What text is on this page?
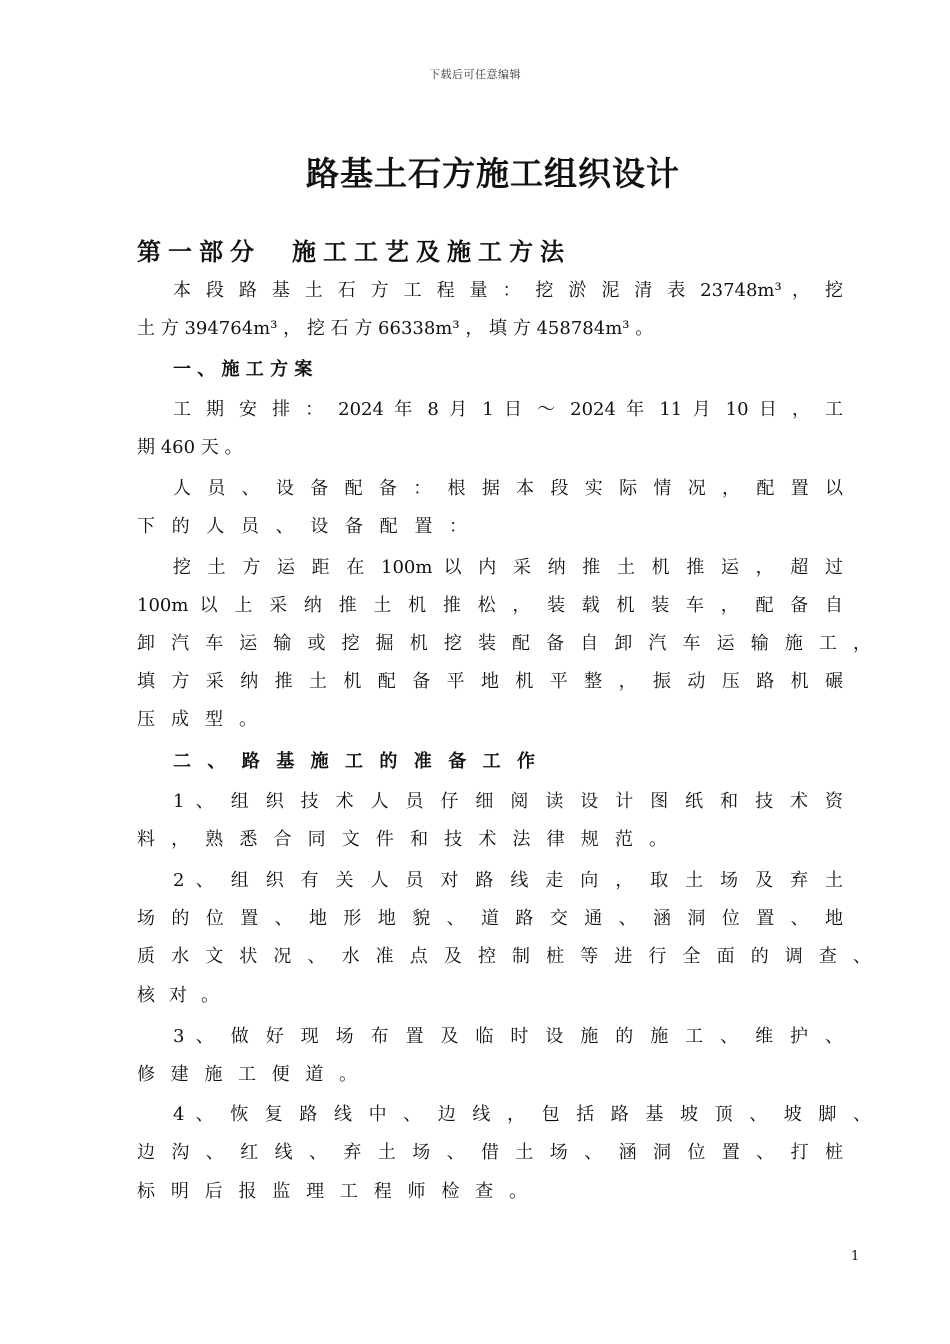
下载后可任意编辑
路基土石方施工组织设计
第一部分　施工工艺及施工方法
本 段 路 基 土 石 方 工 程 量 ： 挖 淤 泥 清 表 23748m³ ， 挖
土 方 394764m³ ， 挖 石 方 66338m³ ， 填 方 458784m³ 。
一 、 施 工 方 案
工 期 安 排 ： 2024 年 8 月 1 日 ～ 2024 年 11 月 10 日 ， 工
期 460 天 。
人 员 、 设 备 配 备 ： 根 据 本 段 实 际 情 况 ， 配 置 以
下 的 人 员 、 设 备 配 置 ：
挖 土 方 运 距 在 100m 以 内 采 纳 推 土 机 推 运 ， 超 过
100m 以 上 采 纳 推 土 机 推 松 ， 装 载 机 装 车 ， 配 备 自
卸 汽 车 运 输 或 挖 掘 机 挖 装 配 备 自 卸 汽 车 运 输 施 工 ，
填 方 采 纳 推 土 机 配 备 平 地 机 平 整 ， 振 动 压 路 机 碾
压 成 型 。
二 、 路 基 施 工 的 准 备 工 作
1 、 组 织 技 术 人 员 仔 细 阅 读 设 计 图 纸 和 技 术 资
料 ， 熟 悉 合 同 文 件 和 技 术 法 律 规 范 。
2 、 组 织 有 关 人 员 对 路 线 走 向 ， 取 土 场 及 弃 土
场 的 位 置 、 地 形 地 貌 、 道 路 交 通 、 涵 洞 位 置 、 地
质 水 文 状 况 、 水 准 点 及 控 制 桩 等 进 行 全 面 的 调 查 、
核 对 。
3 、 做 好 现 场 布 置 及 临 时 设 施 的 施 工 、 维 护 、
修 建 施 工 便 道 。
4 、 恢 复 路 线 中 、 边 线 ， 包 括 路 基 坡 顶 、 坡 脚 、
边 沟 、 红 线 、 弃 土 场 、 借 土 场 、 涵 洞 位 置 、 打 桩
标 明 后 报 监 理 工 程 师 检 查 。
1
